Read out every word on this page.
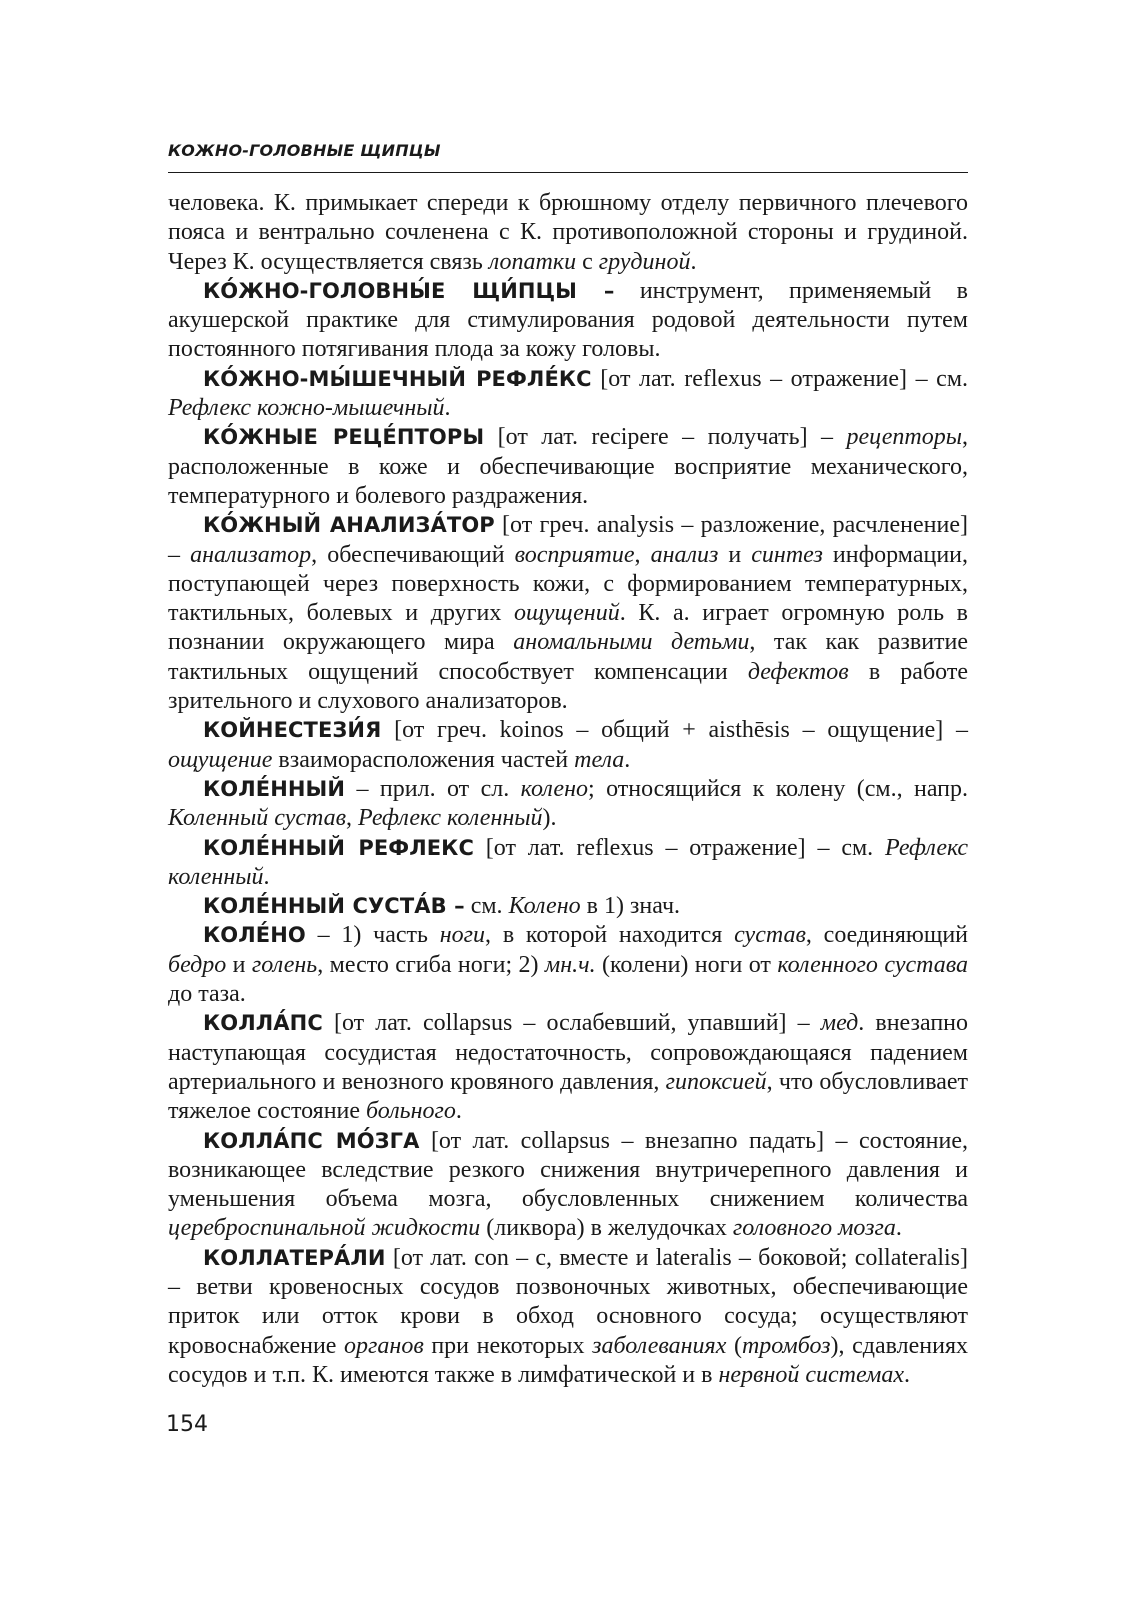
КОЖНО-ГОЛОВНЫЕ ЩИПЦЫ

человека. К. примыкает спереди к брюшному отделу первичного плечевого пояса и вентрально сочленена с К. противоположной стороны и грудиной. Через К. осуществляется связь лопатки с грудиной.

КО́ЖНО-ГОЛОВНЫ́Е ЩИ́ПЦЫ – инструмент, применяемый в акушерской практике для стимулирования родовой деятельности путем постоянного потягивания плода за кожу головы.

КО́ЖНО-МЫ́ШЕЧНЫЙ РЕФЛЕ́КС [от лат. reflexus – отражение] – см. Рефлекс кожно-мышечный.

КО́ЖНЫЕ РЕЦЕ́ПТОРЫ [от лат. recipere – получать] – рецепторы, расположенные в коже и обеспечивающие восприятие механического, температурного и болевого раздражения.

КО́ЖНЫЙ АНАЛИЗА́ТОР [от греч. analysis – разложение, расчленение] – анализатор, обеспечивающий восприятие, анализ и синтез информации, поступающей через поверхность кожи, с формированием температурных, тактильных, болевых и других ощущений. К. а. играет огромную роль в познании окружающего мира аномальными детьми, так как развитие тактильных ощущений способствует компенсации дефектов в работе зрительного и слухового анализаторов.

КОЙНЕСТЕЗИ́Я [от греч. koinos – общий + aisthēsis – ощущение] – ощущение взаиморасположения частей тела.

КОЛЕ́ННЫЙ – прил. от сл. колено; относящийся к колену (см., напр. Коленный сустав, Рефлекс коленный).

КОЛЕ́ННЫЙ РЕФЛЕКС [от лат. reflexus – отражение] – см. Рефлекс коленный.

КОЛЕ́ННЫЙ СУСТА́В – см. Колено в 1) знач.

КОЛЕ́НО – 1) часть ноги, в которой находится сустав, соединяющий бедро и голень, место сгиба ноги; 2) мн.ч. (колени) ноги от коленного сустава до таза.

КОЛЛА́ПС [от лат. collapsus – ослабевший, упавший] – мед. внезапно наступающая сосудистая недостаточность, сопровождающаяся падением артериального и венозного кровяного давления, гипоксией, что обусловливает тяжелое состояние больного.

КОЛЛА́ПС МО́ЗГА [от лат. collapsus – внезапно падать] – состояние, возникающее вследствие резкого снижения внутричерепного давления и уменьшения объема мозга, обусловленных снижением количества цереброспинальной жидкости (ликвора) в желудочках головного мозга.

КОЛЛАТЕРА́ЛИ [от лат. con – с, вместе и lateralis – боковой; collateralis] – ветви кровеносных сосудов позвоночных животных, обеспечивающие приток или отток крови в обход основного сосуда; осуществляют кровоснабжение органов при некоторых заболеваниях (тромбоз), сдавлениях сосудов и т.п. К. имеются также в лимфатической и в нервной системах.

154
